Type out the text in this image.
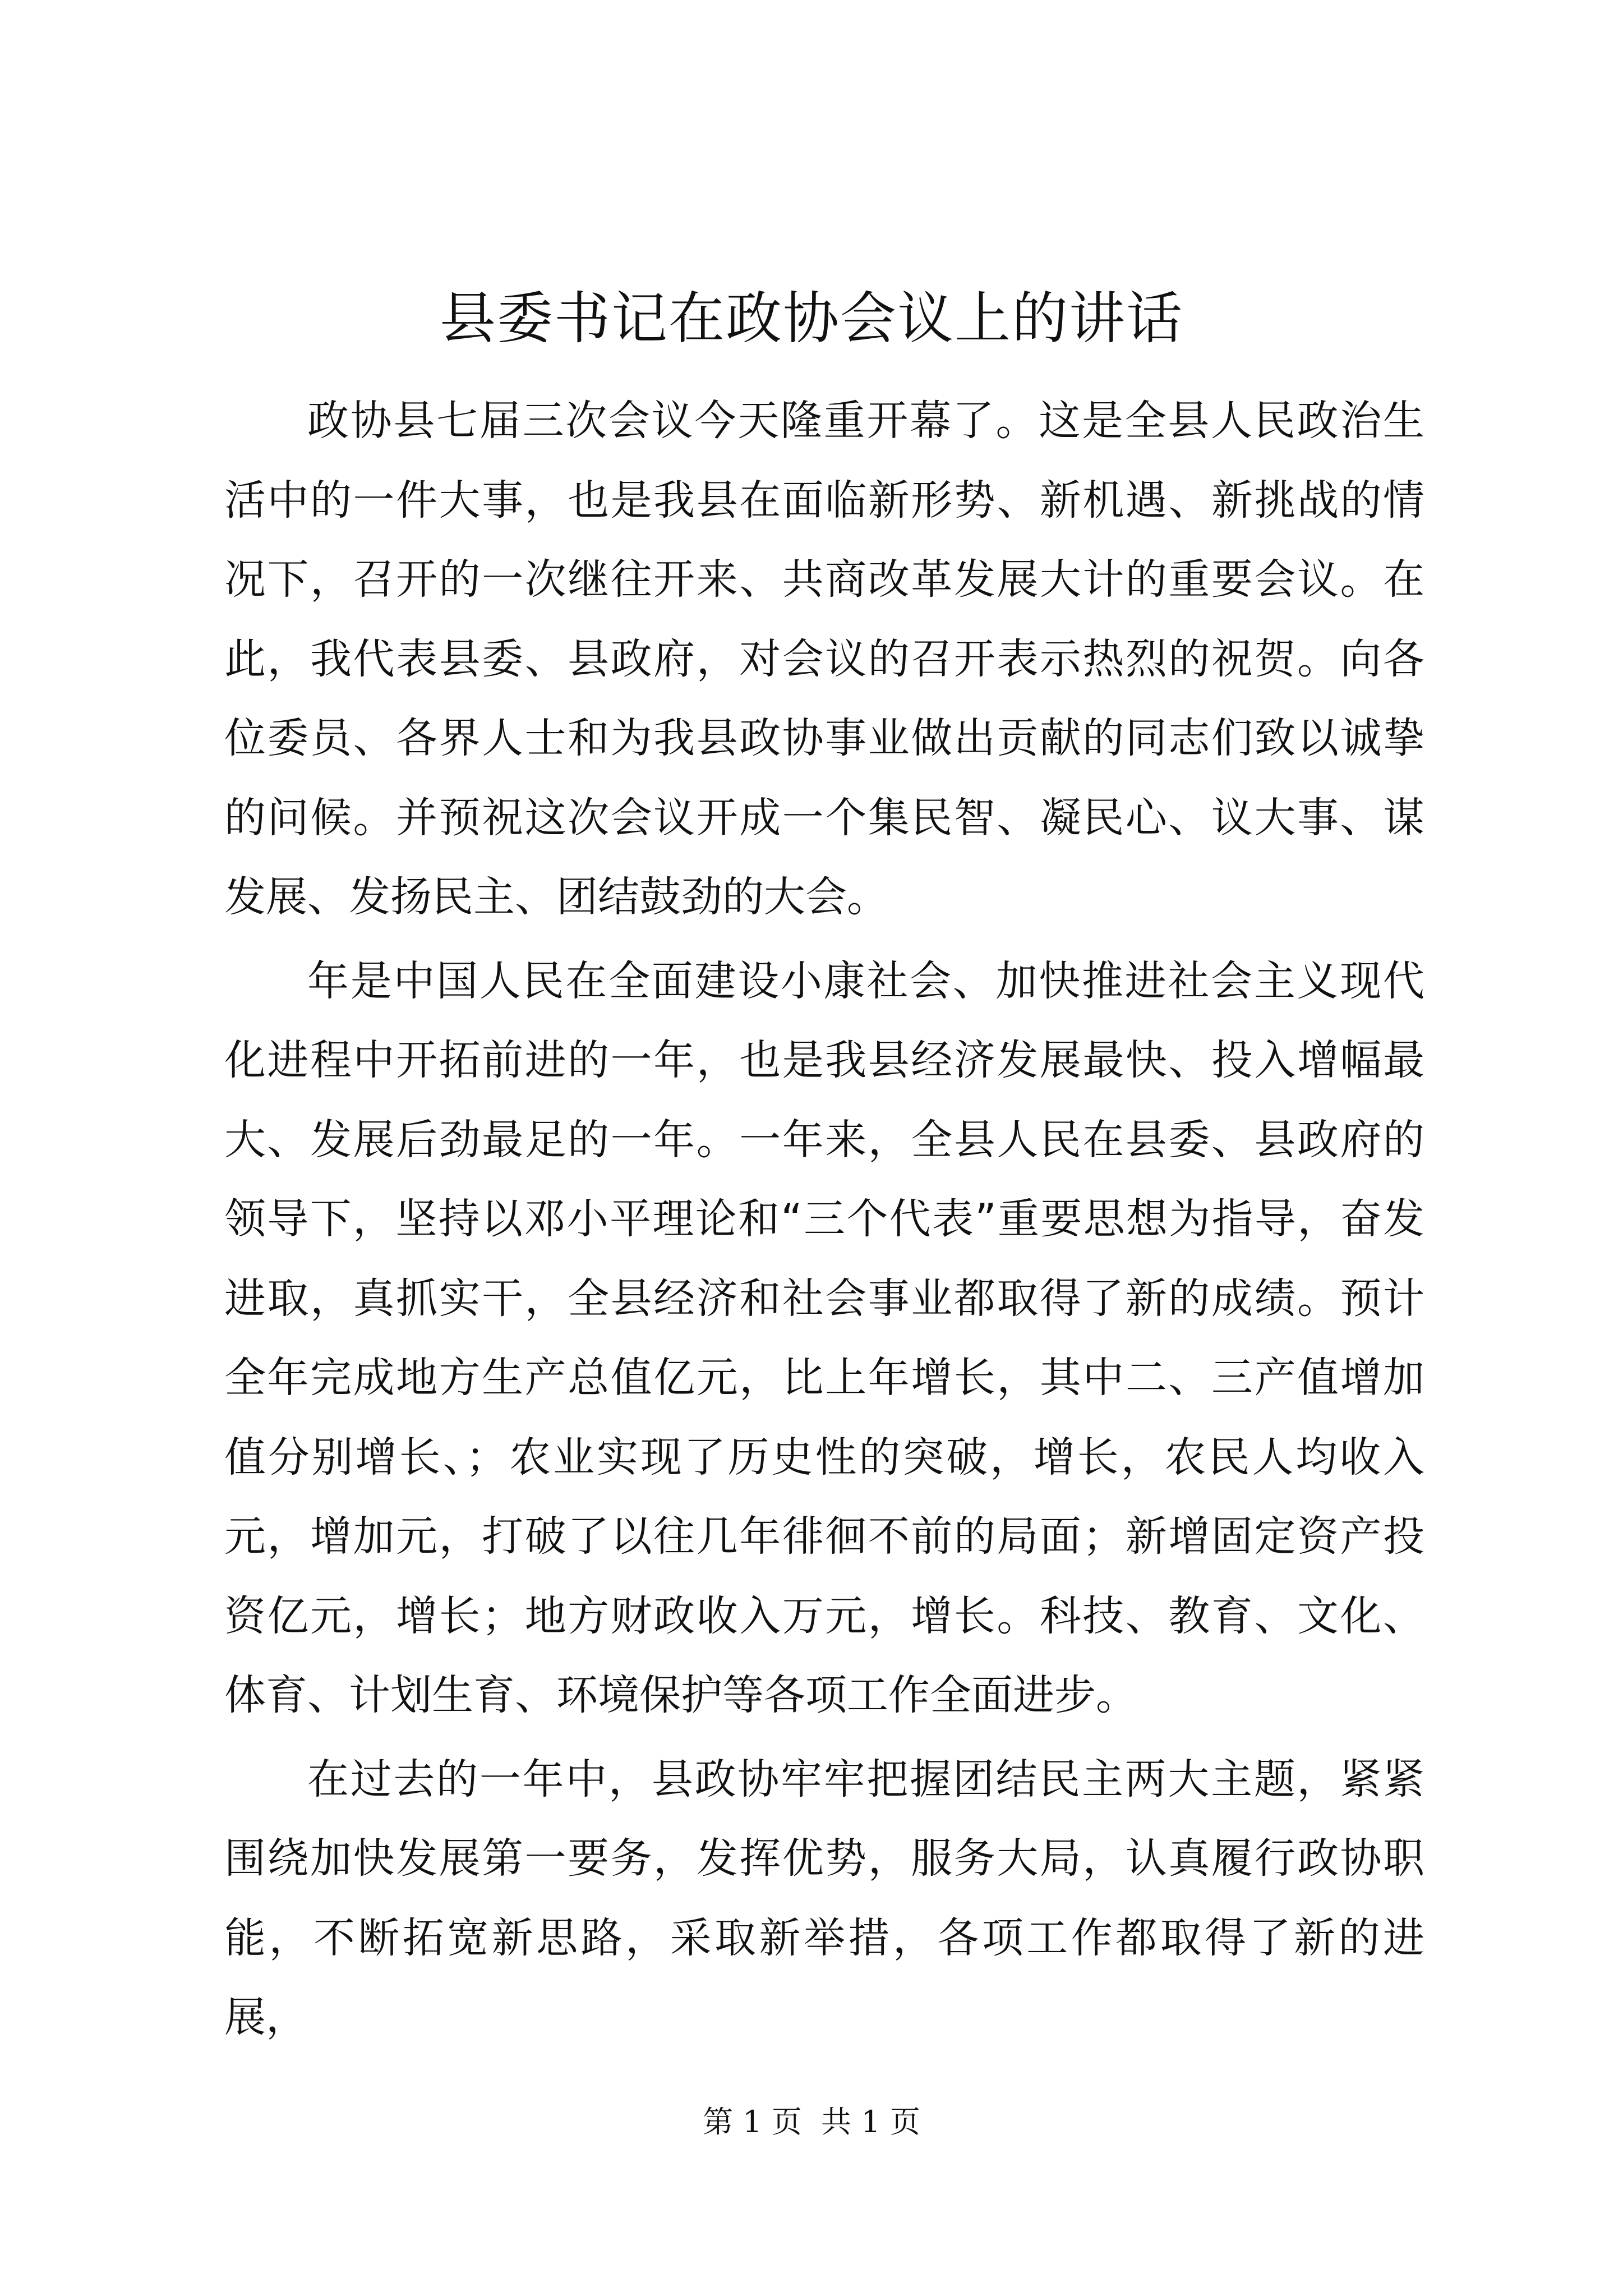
县委书记在政协会议上的讲话

政协县七届三次会议今天隆重开幕了。这是全县人民政治生活中的一件大事，也是我县在面临新形势、新机遇、新挑战的情况下，召开的一次继往开来、共商改革发展大计的重要会议。在此，我代表县委、县政府，对会议的召开表示热烈的祝贺。向各位委员、各界人士和为我县政协事业做出贡献的同志们致以诚挚的问候。并预祝这次会议开成一个集民智、凝民心、议大事、谋发展、发扬民主、团结鼓劲的大会。

年是中国人民在全面建设小康社会、加快推进社会主义现代化进程中开拓前进的一年，也是我县经济发展最快、投入增幅最大、发展后劲最足的一年。一年来，全县人民在县委、县政府的领导下，坚持以邓小平理论和“三个代表”重要思想为指导，奋发进取，真抓实干，全县经济和社会事业都取得了新的成绩。预计全年完成地方生产总值亿元，比上年增长，其中二、三产值增加值分别增长、；农业实现了历史性的突破，增长，农民人均收入元，增加元，打破了以往几年徘徊不前的局面；新增固定资产投资亿元，增长；地方财政收入万元，增长。科技、教育、文化、体育、计划生育、环境保护等各项工作全面进步。

在过去的一年中，县政协牢牢把握团结民主两大主题，紧紧围绕加快发展第一要务，发挥优势，服务大局，认真履行政协职能，不断拓宽新思路，采取新举措，各项工作都取得了新的进展，

第 1 页  共 1 页
